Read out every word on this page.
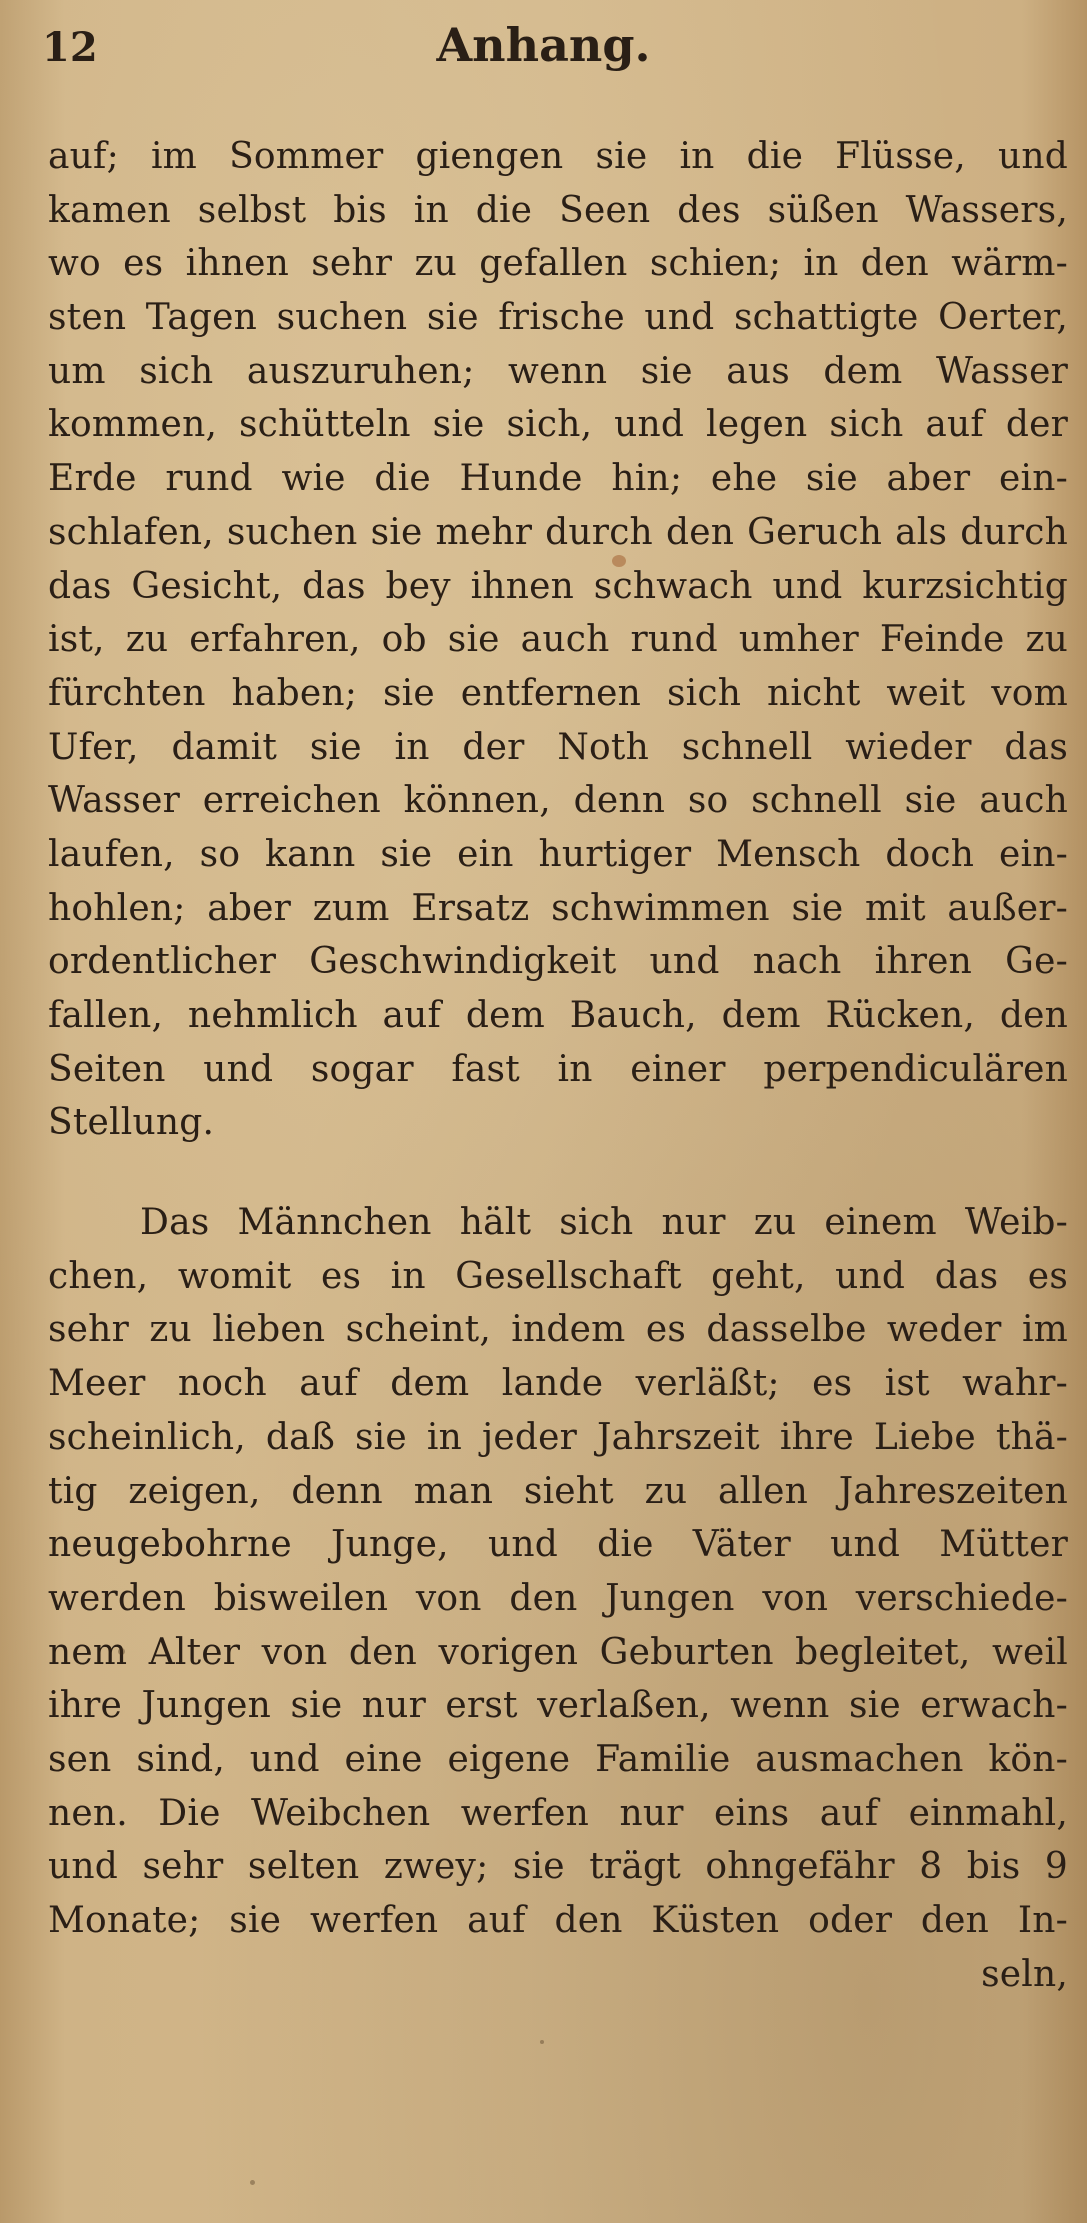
12	Anhang.
auf; im Sommer giengen sie in die Flüsse, und
kamen selbst bis in die Seen des süßen Wassers,
wo es ihnen sehr zu gefallen schien; in den wärm-
sten Tagen suchen sie frische und schattigte Oerter,
um sich auszuruhen; wenn sie aus dem Wasser
kommen, schütteln sie sich, und legen sich auf der
Erde rund wie die Hunde hin; ehe sie aber ein-
schlafen, suchen sie mehr durch den Geruch als durch
das Gesicht, das bey ihnen schwach und kurzsichtig
ist, zu erfahren, ob sie auch rund umher Feinde zu
fürchten haben; sie entfernen sich nicht weit vom
Ufer, damit sie in der Noth schnell wieder das
Wasser erreichen können, denn so schnell sie auch
laufen, so kann sie ein hurtiger Mensch doch ein-
hohlen; aber zum Ersatz schwimmen sie mit außer-
ordentlicher Geschwindigkeit und nach ihren Ge-
fallen, nehmlich auf dem Bauch, dem Rücken, den
Seiten und sogar fast in einer perpendiculären
Stellung.
Das Männchen hält sich nur zu einem Weib-
chen, womit es in Gesellschaft geht, und das es
sehr zu lieben scheint, indem es dasselbe weder im
Meer noch auf dem lande verläßt; es ist wahr-
scheinlich, daß sie in jeder Jahrszeit ihre Liebe thä-
tig zeigen, denn man sieht zu allen Jahreszeiten
neugebohrne Junge, und die Väter und Mütter
werden bisweilen von den Jungen von verschiede-
nem Alter von den vorigen Geburten begleitet, weil
ihre Jungen sie nur erst verlaßen, wenn sie erwach-
sen sind, und eine eigene Familie ausmachen kön-
nen. Die Weibchen werfen nur eins auf einmahl,
und sehr selten zwey; sie trägt ohngefähr 8 bis 9
Monate; sie werfen auf den Küsten oder den In-
seln,
